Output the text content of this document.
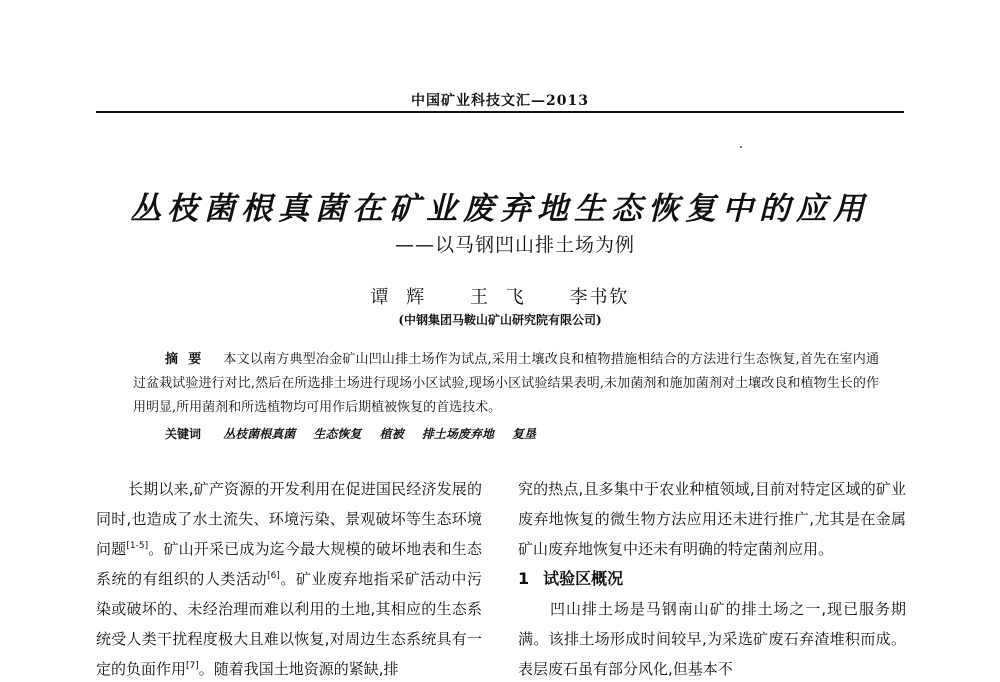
中国矿业科技文汇—2013
丛枝菌根真菌在矿业废弃地生态恢复中的应用
——以马钢凹山排土场为例
谭 辉 王 飞 李书钦
(中钢集团马鞍山矿山研究院有限公司)
摘要 本文以南方典型冶金矿山凹山排土场作为试点,采用土壤改良和植物措施相结合的方法进行生态恢复,首先在室内通过盆栽试验进行对比,然后在所选排土场进行现场小区试验,现场小区试验结果表明,未加菌剂和施加菌剂对土壤改良和植物生长的作用明显,所用菌剂和所选植物均可用作后期植被恢复的首选技术。
关键词 丛枝菌根真菌 生态恢复 植被 排土场废弃地 复垦

长期以来,矿产资源的开发利用在促进国民经济发展的同时,也造成了水土流失、环境污染、景观破坏等生态环境问题[1-5]。矿山开采已成为迄今最大规模的破坏地表和生态系统的有组织的人类活动[6]。矿业废弃地指采矿活动中污染或破坏的、未经治理而难以利用的土地,其相应的生态系统受人类干扰程度极大且难以恢复,对周边生态系统具有一定的负面作用[7]。随着我国土地资源的紧缺,排

究的热点,且多集中于农业种植领域,目前对特定区域的矿业废弃地恢复的微生物方法应用还未进行推广,尤其是在金属矿山废弃地恢复中还未有明确的特定菌剂应用。

1 试验区概况

凹山排土场是马钢南山矿的排土场之一,现已服务期满。该排土场形成时间较早,为采选矿废石弃渣堆积而成。表层废石虽有部分风化,但基本不
